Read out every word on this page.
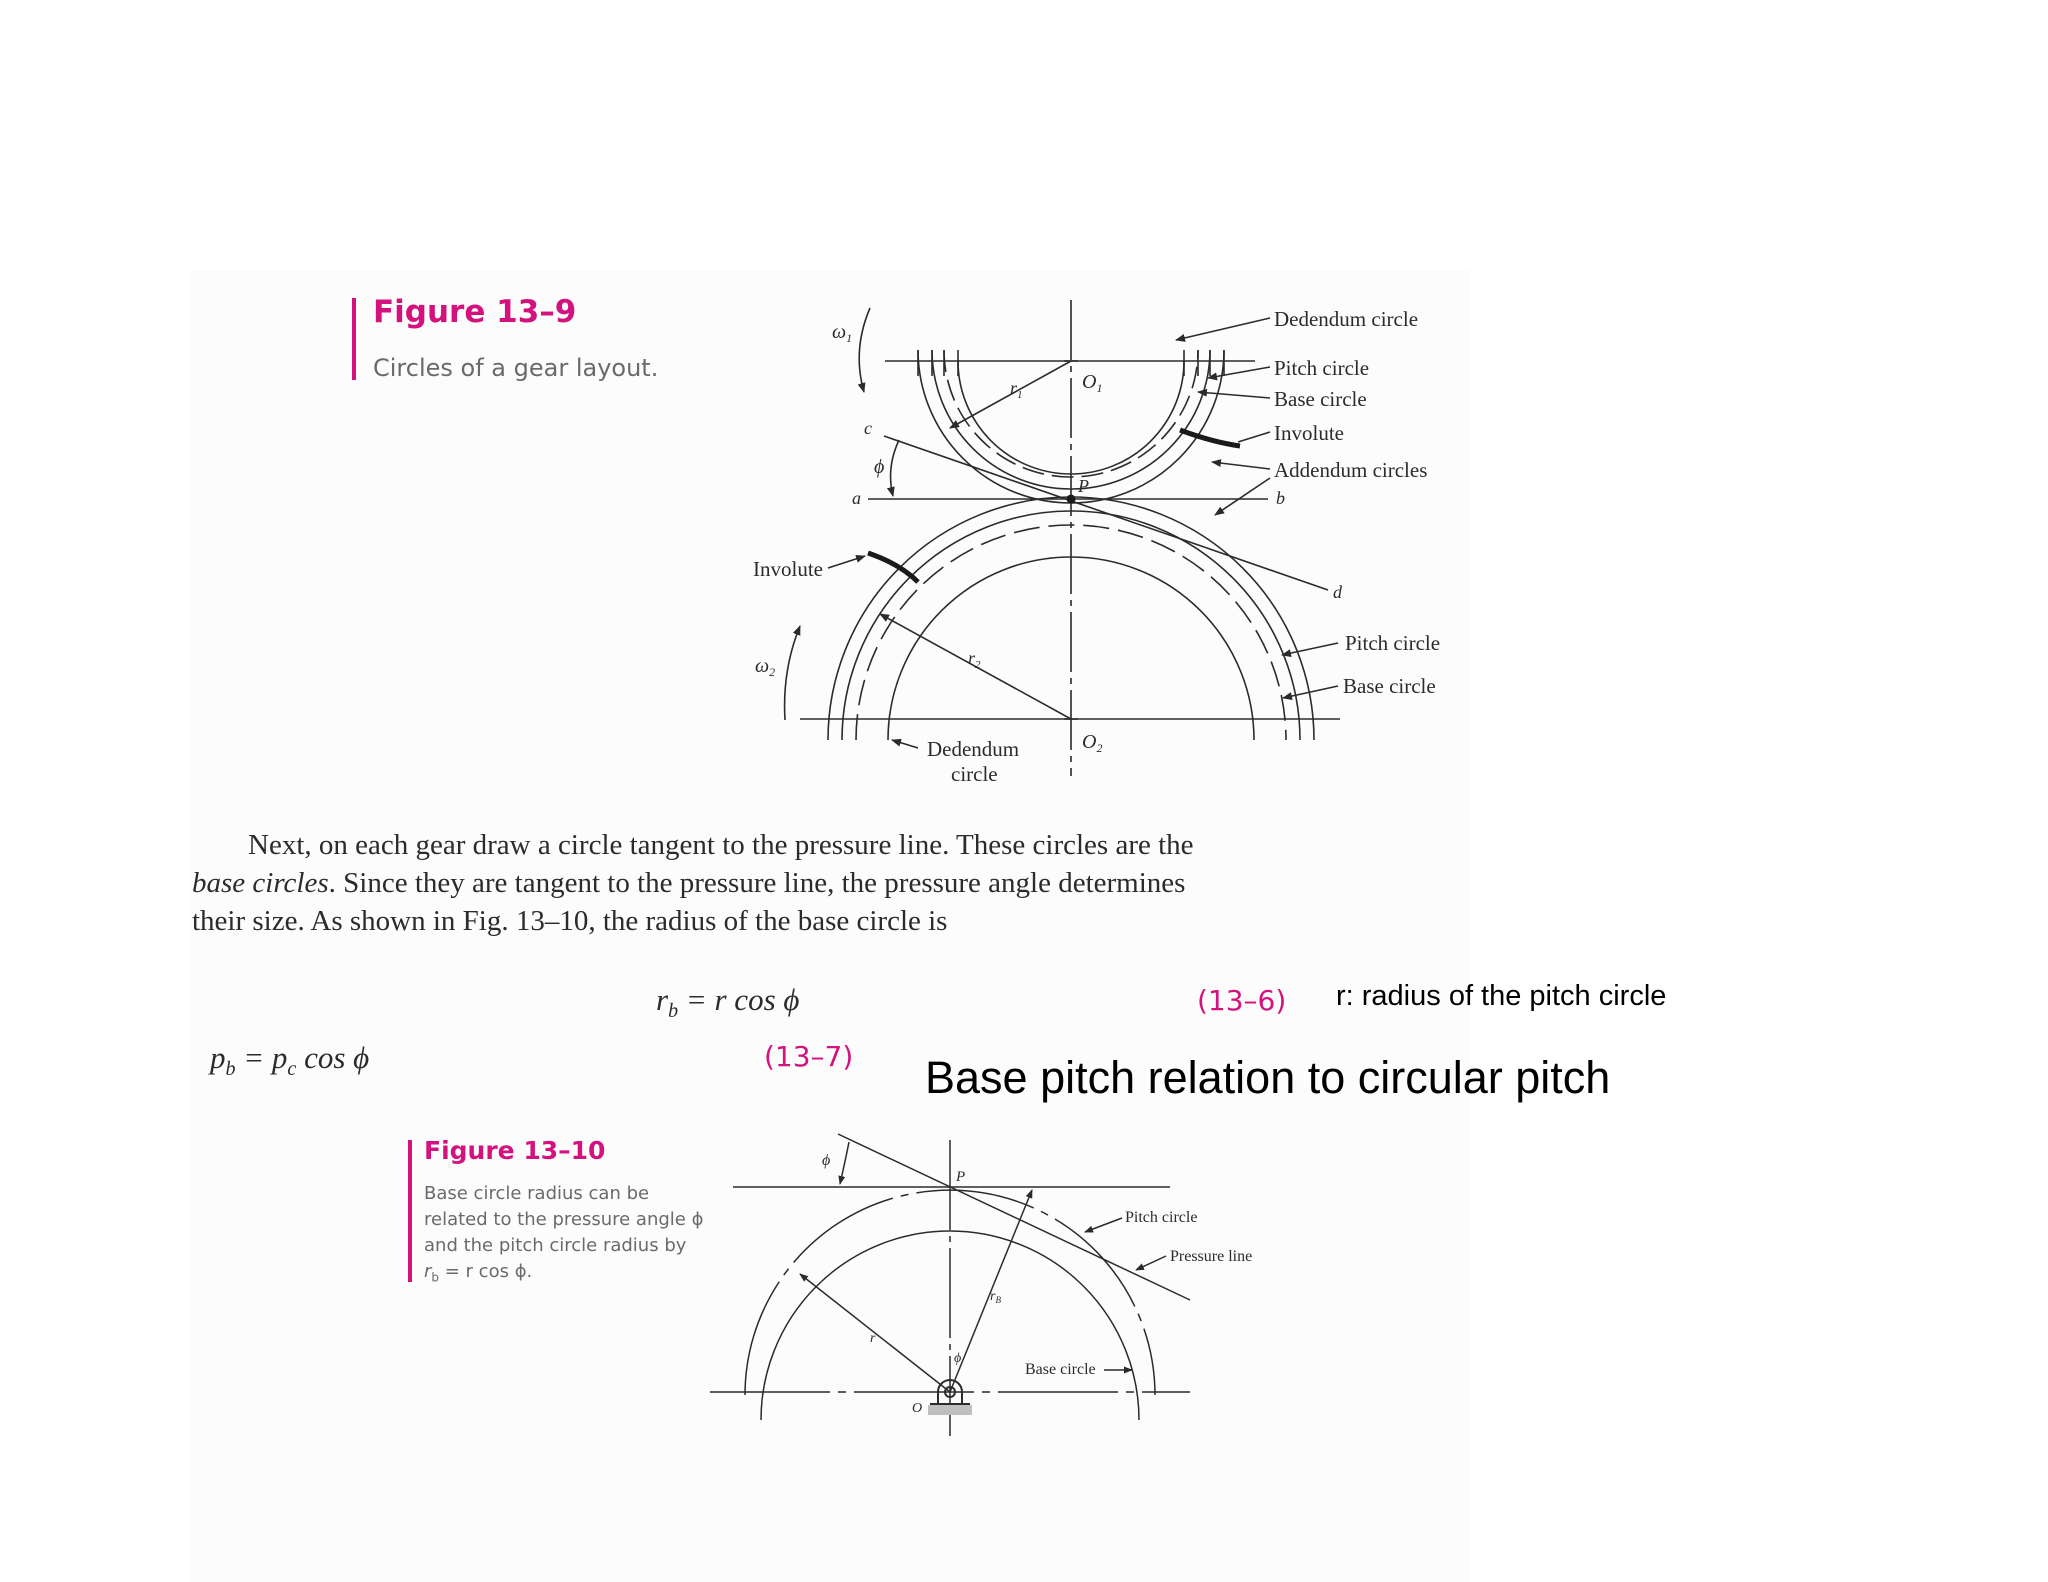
Figure 13–9
Circles of a gear layout.
Dedendum circle
Pitch circle
Base circle
Involute
Addendum circles
Involute
Pitch circle
Base circle
Dedendum
circle
$\omega_1$
$\omega_2$
$O_1$
$O_2$
$r_1$
$r_2$
P
a	b
c
d
ϕ

Next, on each gear draw a circle tangent to the pressure line. These circles are the

base circles. Since they are tangent to the pressure line, the pressure angle determines

their size. As shown in Fig. 13–10, the radius of the base circle is

$r_b = r$ cos ϕ	(13–6)
$p_b = p_c$ cos ϕ	(13–7)
r: radius of the pitch circle
Base pitch relation to circular pitch
Figure 13–10
Base circle radius can be
related to the pressure angle ϕ
and the pitch circle radius by
$r_b = r$ cos ϕ.
ϕ
P
Pitch circle
Pressure line
$r_B$
r
ϕ
Base circle
O
